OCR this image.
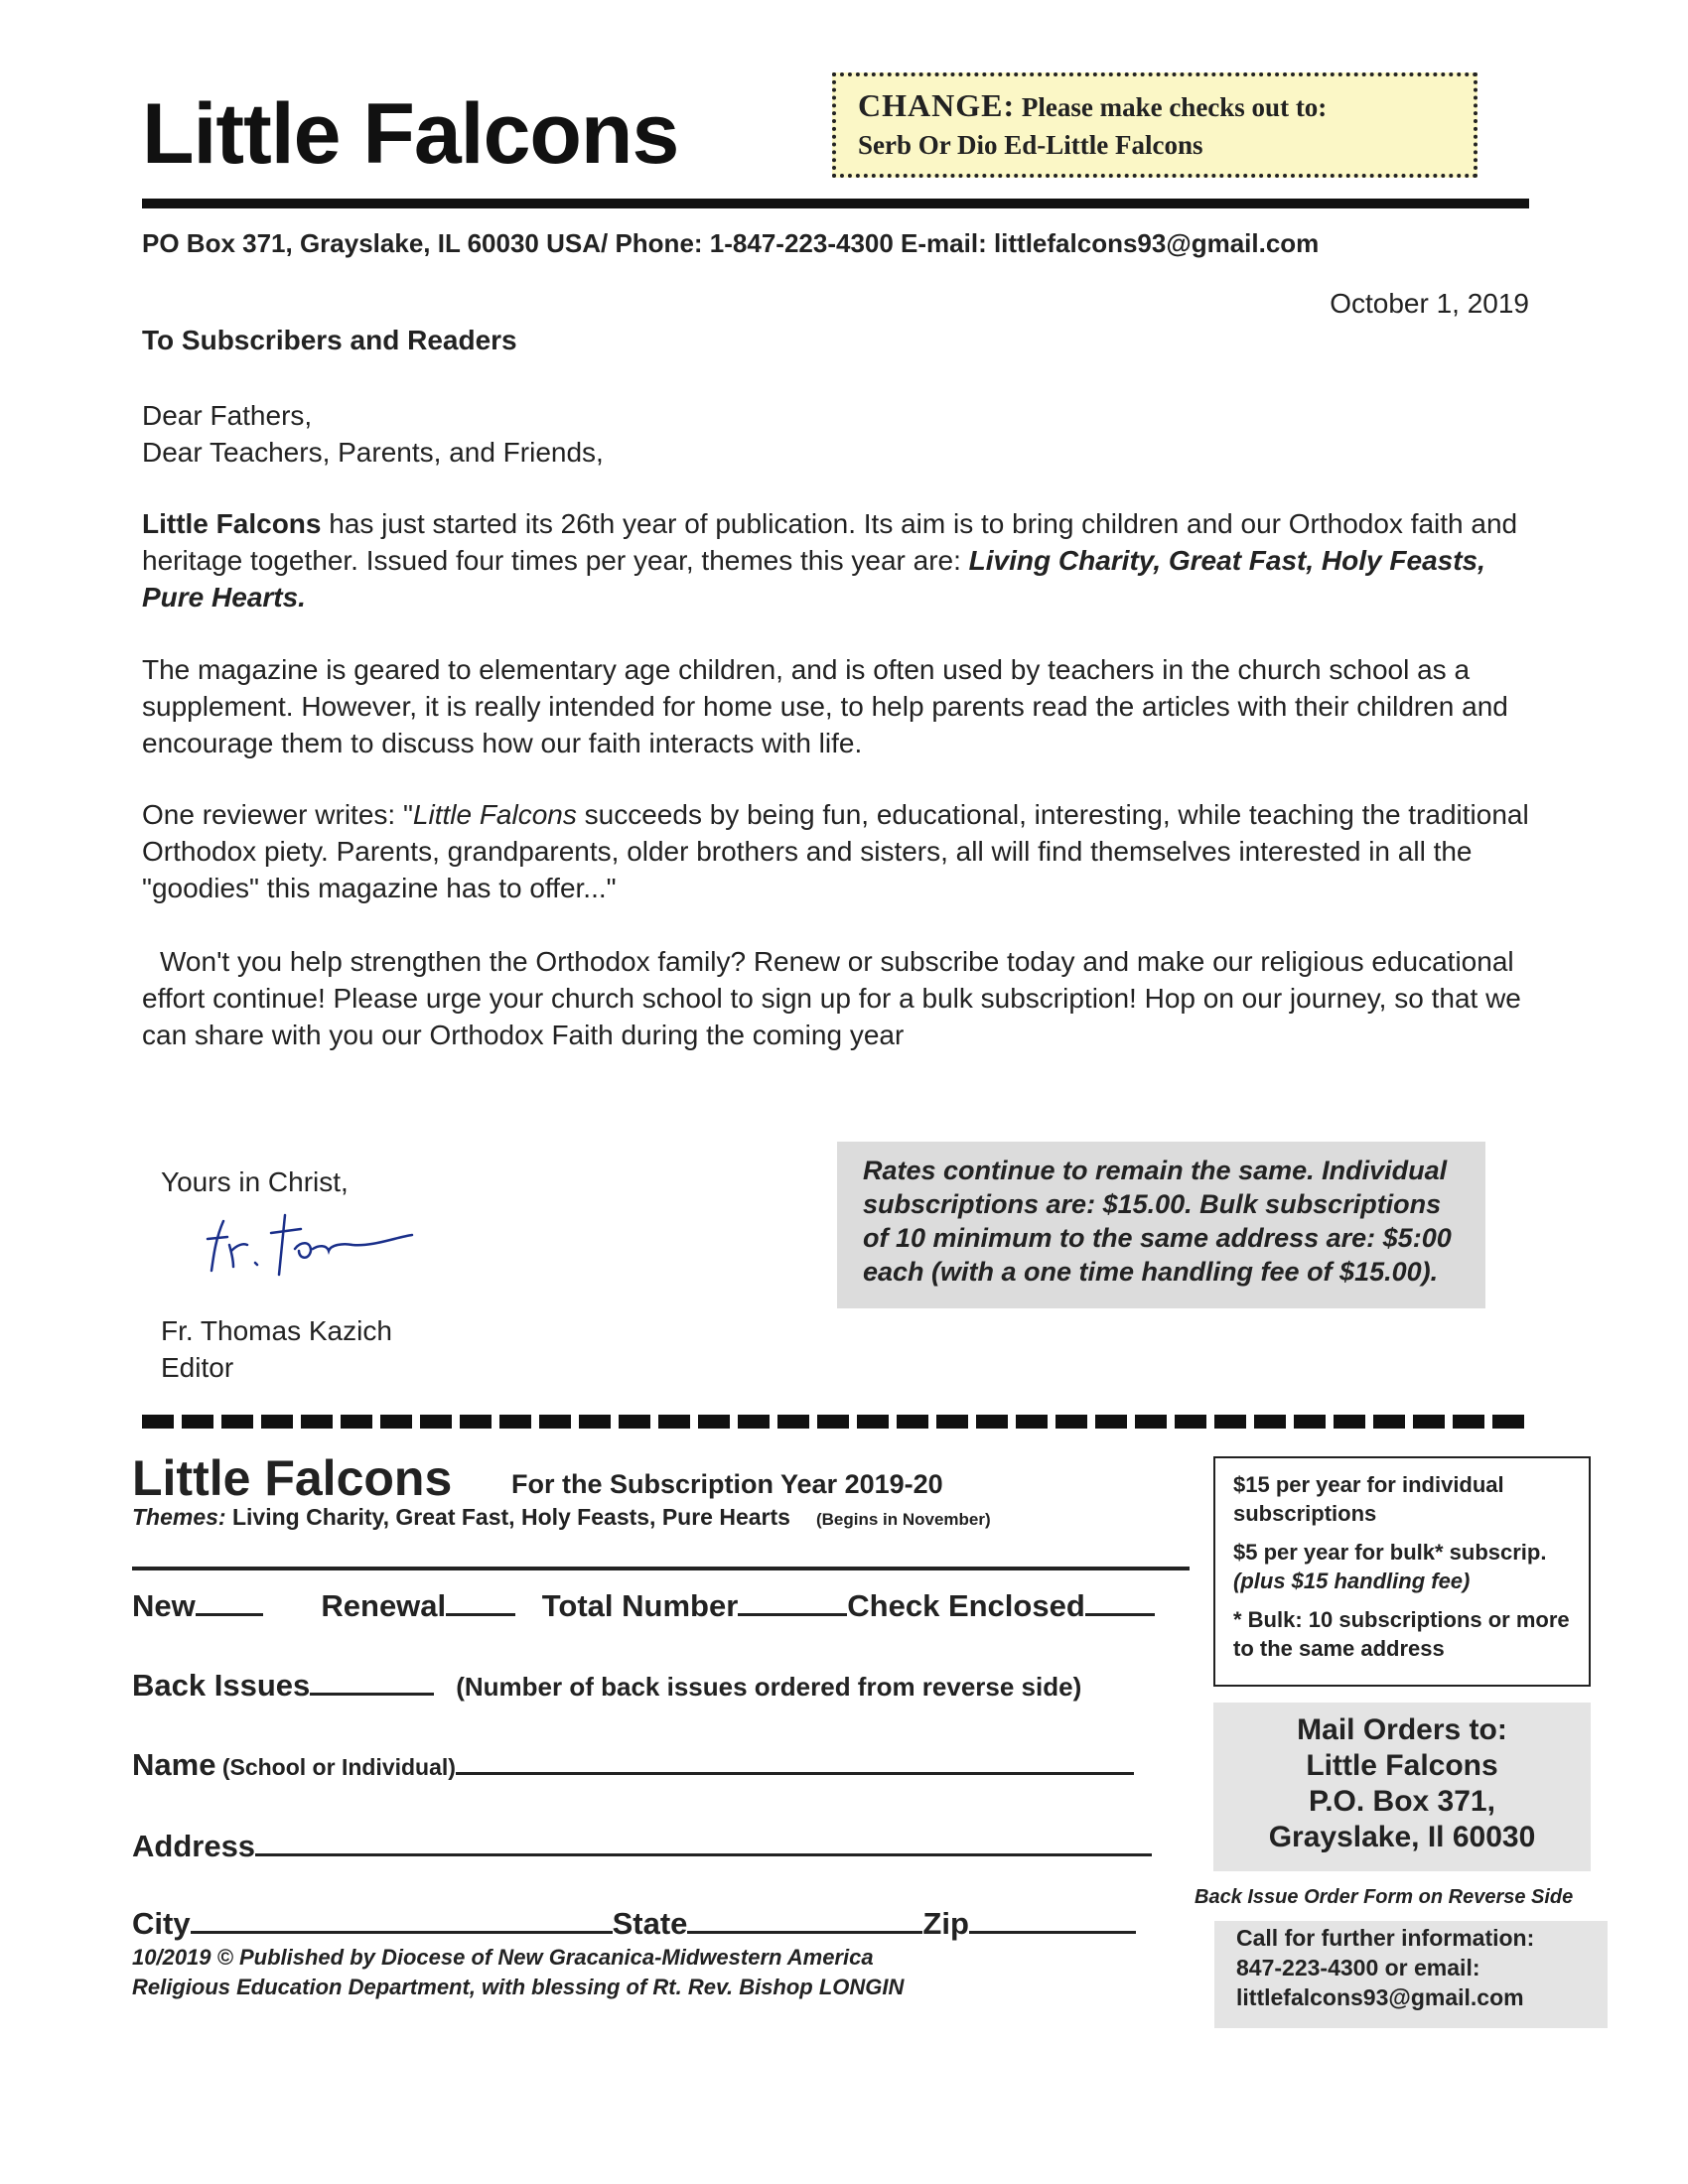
Little Falcons	CHANGE: Please make checks out to:
Serb Or Dio Ed-Little Falcons
PO Box 371, Grayslake, IL 60030 USA/ Phone: 1-847-223-4300 E-mail: littlefalcons93@gmail.com
October 1, 2019
To Subscribers and Readers
Dear Fathers,
Dear Teachers, Parents, and Friends,
Little Falcons has just started its 26th year of publication. Its aim is to bring children and our Orthodox faith and heritage together. Issued four times per year, themes this year are: Living Charity, Great Fast, Holy Feasts, Pure Hearts.
The magazine is geared to elementary age children, and is often used by teachers in the church school as a supplement. However, it is really intended for home use, to help parents read the articles with their children and encourage them to discuss how our faith interacts with life.
One reviewer writes: "Little Falcons succeeds by being fun, educational, interesting, while teaching the traditional Orthodox piety. Parents, grandparents, older brothers and sisters, all will find themselves interested in all the "goodies" this magazine has to offer..."
Won't you help strengthen the Orthodox family? Renew or subscribe today and make our religious educational effort continue! Please urge your church school to sign up for a bulk subscription! Hop on our journey, so that we can share with you our Orthodox Faith during the coming year
Yours in Christ,
Fr. Thomas Kazich
Editor
Rates continue to remain the same. Individual subscriptions are: $15.00. Bulk subscriptions of 10 minimum to the same address are: $5:00 each (with a one time handling fee of $15.00).
Little Falcons For the Subscription Year 2019-20
Themes: Living Charity, Great Fast, Holy Feasts, Pure Hearts (Begins in November)
New	Renewal	Total Number	Check Enclosed
Back Issues	(Number of back issues ordered from reverse side)
Name (School or Individual)
Address
City	State	Zip
10/2019 © Published by Diocese of New Gracanica-Midwestern America
Religious Education Department, with blessing of Rt. Rev. Bishop LONGIN

$15 per year for individual subscriptions

$5 per year for bulk* subscrip. (plus $15 handling fee)

* Bulk: 10 subscriptions or more to the same address

Mail Orders to:
Little Falcons
P.O. Box 371,
Grayslake, Il 60030
Back Issue Order Form on Reverse Side
Call for further information:
847-223-4300 or email:
littlefalcons93@gmail.com
